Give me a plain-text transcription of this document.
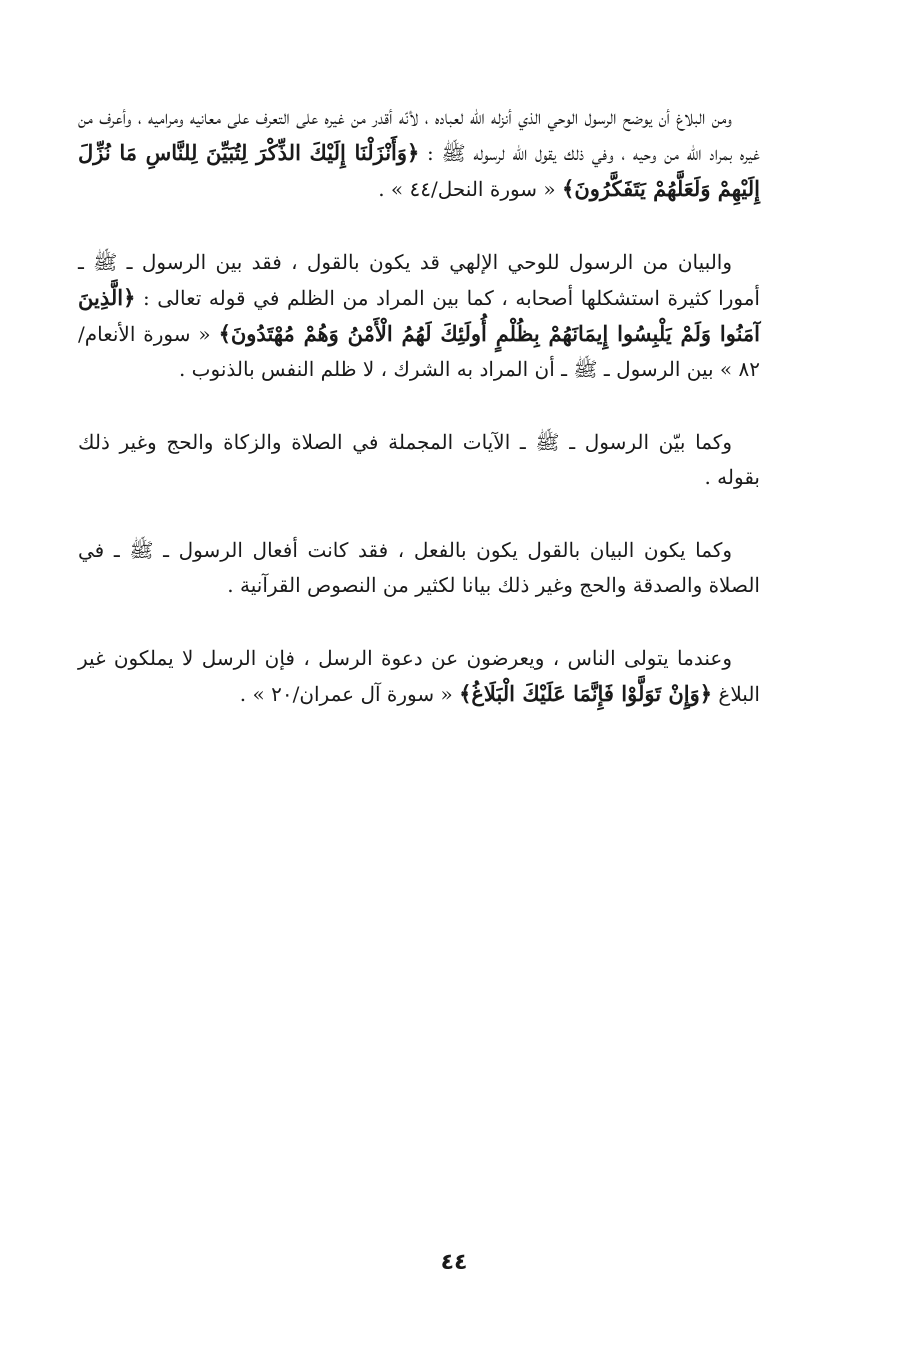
ومن البلاغ أن يوضح الرسول الوحي الذي أنزله الله لعباده ، لأنّه أقدر من غيره على التعرف على معانيه ومراميه ، وأعرف من غيره بمراد الله من وحيه ، وفي ذلك يقول الله لرسوله ﷺ : ﴿وَأَنْزَلْنَا إِلَيْكَ الذِّكْرَ لِتُبَيِّنَ لِلنَّاسِ مَا نُزِّلَ إِلَيْهِمْ وَلَعَلَّهُمْ يَتَفَكَّرُونَ﴾ « سورة النحل/٤٤ » .

والبيان من الرسول للوحي الإلهي قد يكون بالقول ، فقد بين الرسول ـ ﷺ ـ أمورا كثيرة استشكلها أصحابه ، كما بين المراد من الظلم في قوله تعالى : ﴿الَّذِينَ آمَنُوا وَلَمْ يَلْبِسُوا إِيمَانَهُمْ بِظُلْمٍ أُولَئِكَ لَهُمُ الْأَمْنُ وَهُمْ مُهْتَدُونَ﴾ « سورة الأنعام/٨٢ » بين الرسول ـ ﷺ ـ أن المراد به الشرك ، لا ظلم النفس بالذنوب .

وكما بيّن الرسول ـ ﷺ ـ الآيات المجملة في الصلاة والزكاة والحج وغير ذلك بقوله .

وكما يكون البيان بالقول يكون بالفعل ، فقد كانت أفعال الرسول ـ ﷺ ـ في الصلاة والصدقة والحج وغير ذلك بيانا لكثير من النصوص القرآنية .

وعندما يتولى الناس ، ويعرضون عن دعوة الرسل ، فإن الرسل لا يملكون غير البلاغ ﴿وَإِنْ تَوَلَّوْا فَإِنَّمَا عَلَيْكَ الْبَلَاغُ﴾ « سورة آل عمران/٢٠ » .

٤٤
